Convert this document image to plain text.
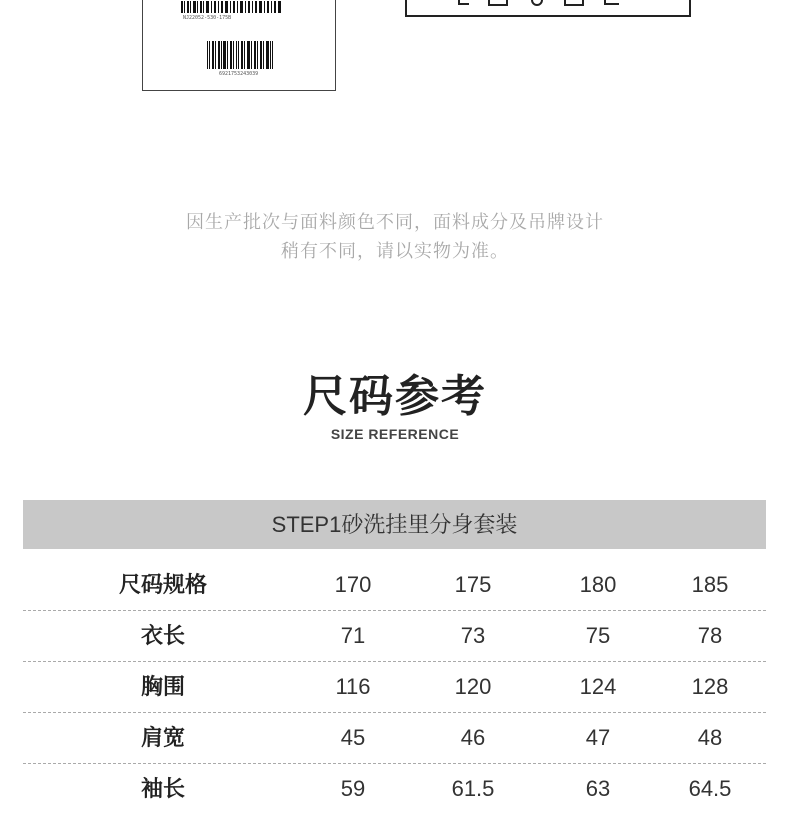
NJ22052-530-175B
6921753243039
因生产批次与面料颜色不同，面料成分及吊牌设计
稍有不同，请以实物为准。
尺码参考
SIZE REFERENCE
STEP1砂洗挂里分身套装
尺码规格	170	175	180	185
衣长	71	73	75	78
胸围	116	120	124	128
肩宽	45	46	47	48
袖长	59	61.5	63	64.5
